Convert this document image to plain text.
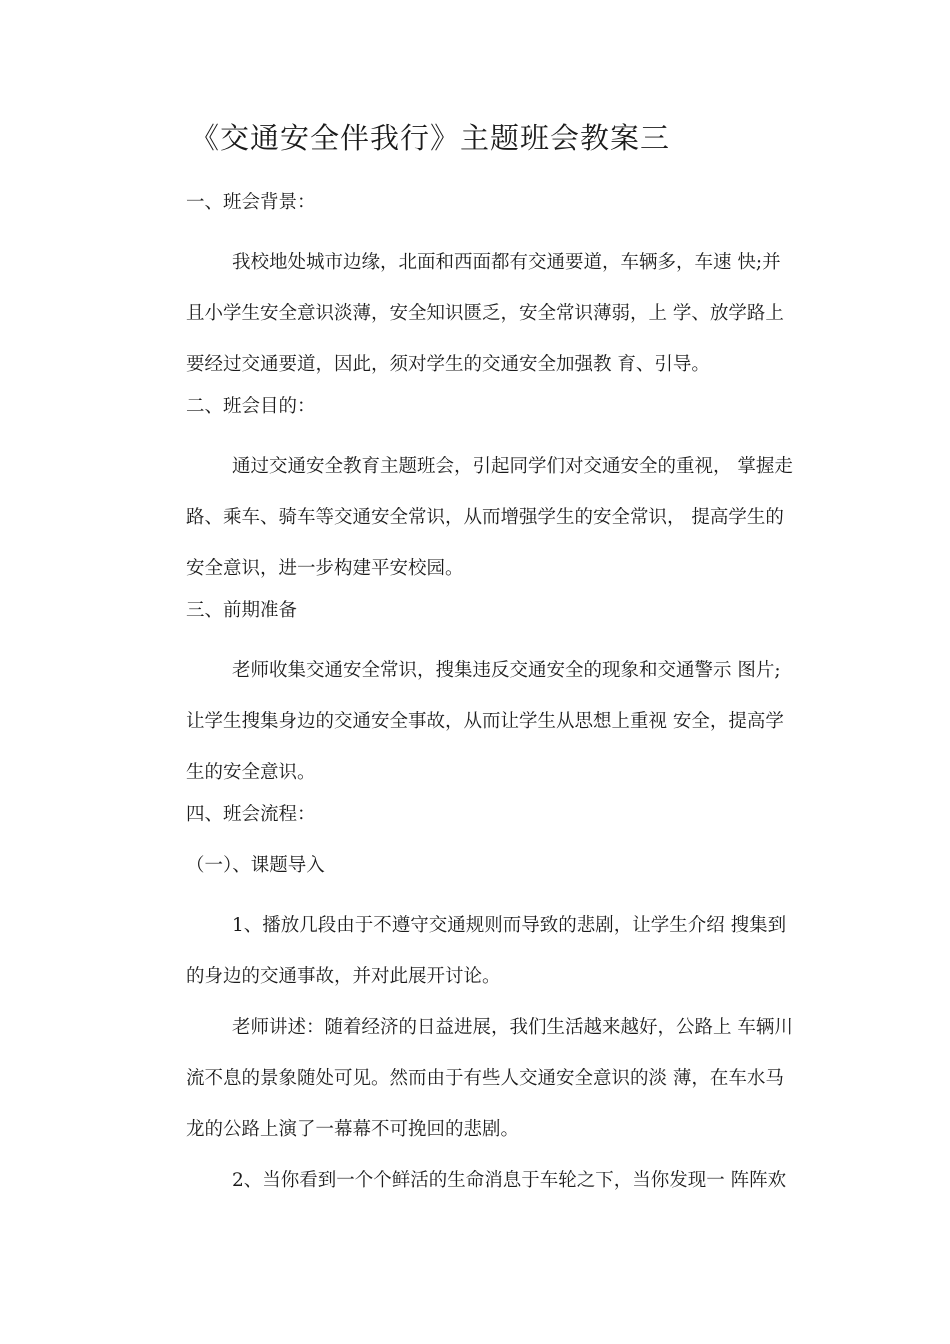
《交通安全伴我行》主题班会教案三
一、班会背景：
我校地处城市边缘，北面和西面都有交通要道，车辆多，车速 快;并
且小学生安全意识淡薄，安全知识匮乏，安全常识薄弱，上 学、放学路上
要经过交通要道，因此，须对学生的交通安全加强教 育、引导。
二、班会目的：
通过交通安全教育主题班会，引起同学们对交通安全的重视， 掌握走
路、乘车、骑车等交通安全常识，从而增强学生的安全常识， 提高学生的
安全意识，进一步构建平安校园。
三、前期准备
老师收集交通安全常识，搜集违反交通安全的现象和交通警示 图片;
让学生搜集身边的交通安全事故，从而让学生从思想上重视 安全，提高学
生的安全意识。
四、班会流程：
（一）、课题导入
1、播放几段由于不遵守交通规则而导致的悲剧，让学生介绍 搜集到
的身边的交通事故，并对此展开讨论。
老师讲述：随着经济的日益进展，我们生活越来越好，公路上 车辆川
流不息的景象随处可见。然而由于有些人交通安全意识的淡 薄，在车水马
龙的公路上演了一幕幕不可挽回的悲剧。
2、当你看到一个个鲜活的生命消息于车轮之下，当你发现一 阵阵欢
